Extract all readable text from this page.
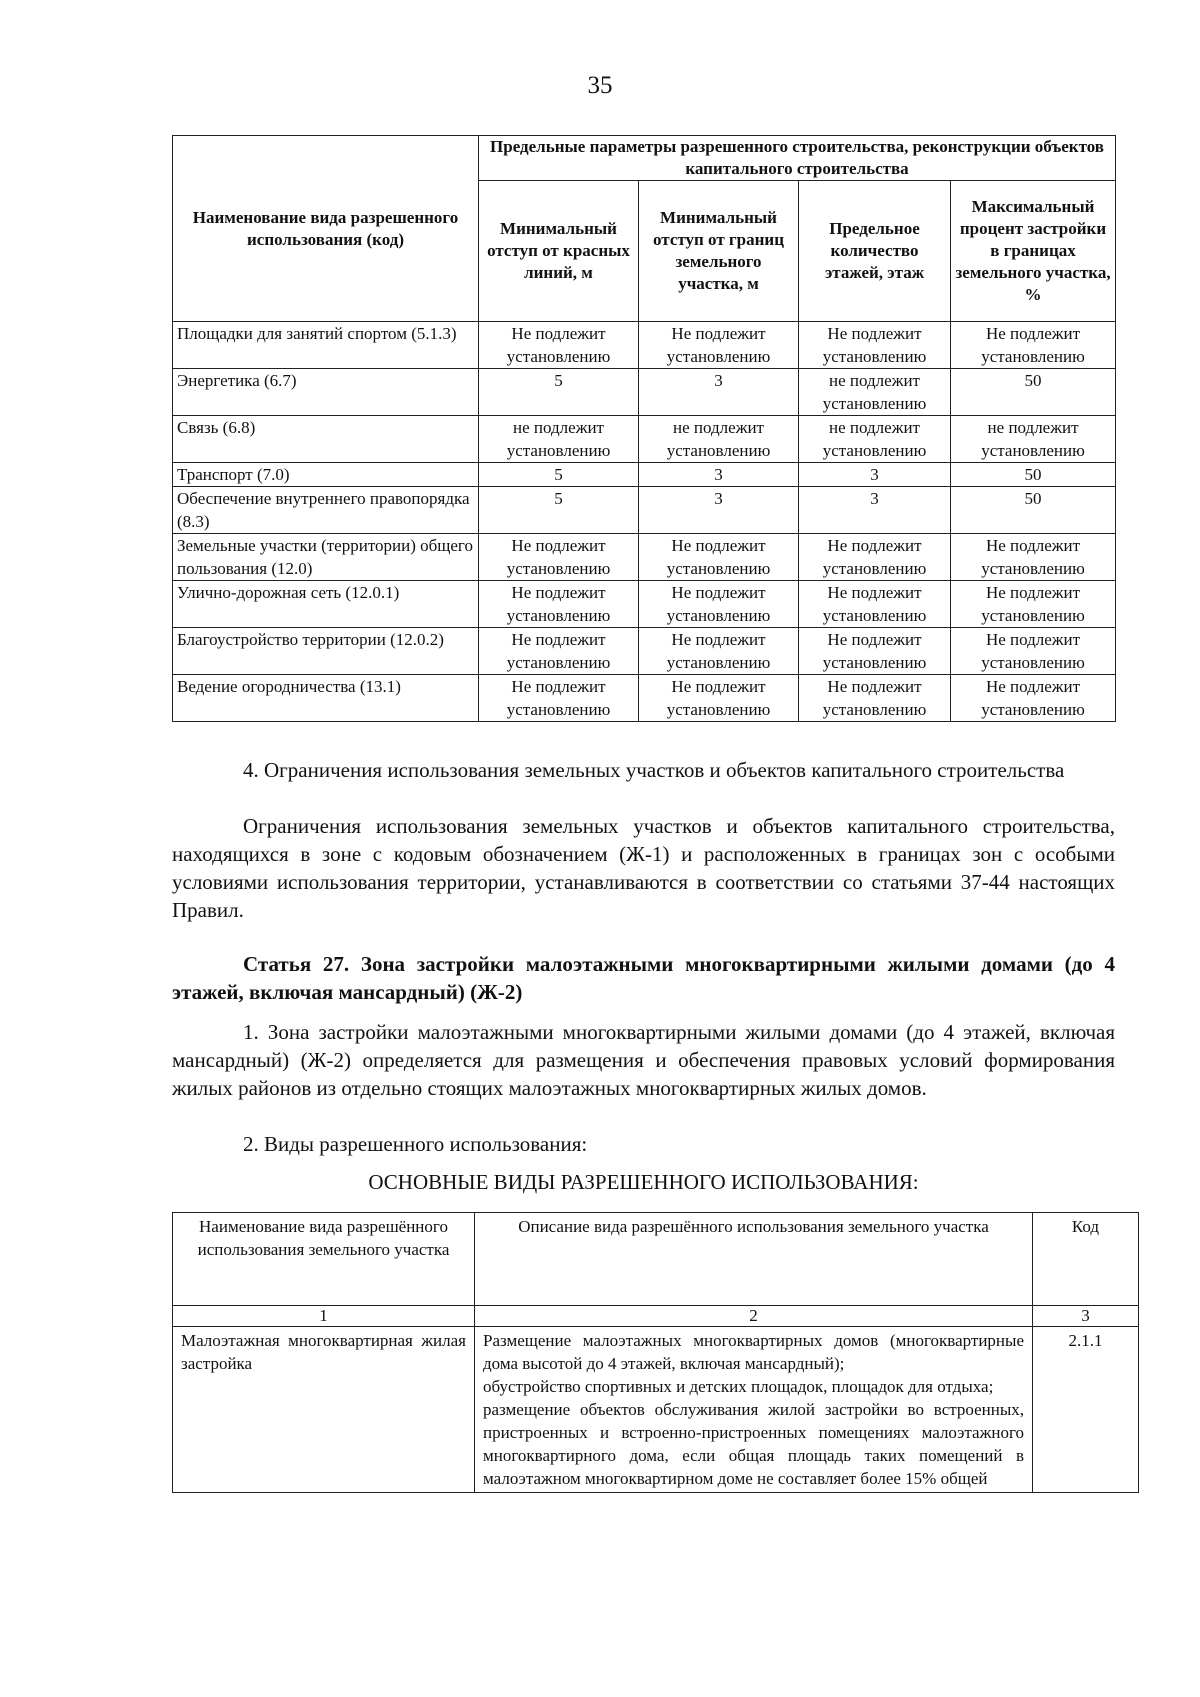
35
Наименование вида разрешенного использования (код)	Предельные параметры разрешенного строительства, реконструкции объектов капитального строительства			
	Минимальный отступ от красных линий, м	Минимальный отступ от границ земельного участка, м	Предельное количество этажей, этаж	Максимальный процент застройки в границах земельного участка, %
Площадки для занятий спортом (5.1.3)	Не подлежит установлению	Не подлежит установлению	Не подлежит установлению	Не подлежит установлению
Энергетика (6.7)	5	3	не подлежит установлению	50
Связь (6.8)	не подлежит установлению	не подлежит установлению	не подлежит установлению	не подлежит установлению
Транспорт (7.0)	5	3	3	50
Обеспечение внутреннего правопорядка (8.3)	5	3	3	50
Земельные участки (территории) общего пользования (12.0)	Не подлежит установлению	Не подлежит установлению	Не подлежит установлению	Не подлежит установлению
Улично-дорожная сеть (12.0.1)	Не подлежит установлению	Не подлежит установлению	Не подлежит установлению	Не подлежит установлению
Благоустройство территории (12.0.2)	Не подлежит установлению	Не подлежит установлению	Не подлежит установлению	Не подлежит установлению
Ведение огородничества (13.1)	Не подлежит установлению	Не подлежит установлению	Не подлежит установлению	Не подлежит установлению

4. Ограничения использования земельных участков и объектов капитального строительства

Ограничения использования земельных участков и объектов капитального строительства, находящихся в зоне с кодовым обозначением (Ж-1) и расположенных в границах зон с особыми условиями использования территории, устанавливаются в соответствии со статьями 37-44 настоящих Правил.

Статья 27. Зона застройки малоэтажными многоквартирными жилыми домами (до 4 этажей, включая мансардный) (Ж-2)

1. Зона застройки малоэтажными многоквартирными жилыми домами (до 4 этажей, включая мансардный) (Ж-2) определяется для размещения и обеспечения правовых условий формирования жилых районов из отдельно стоящих малоэтажных многоквартирных жилых домов.

2. Виды разрешенного использования:

ОСНОВНЫЕ ВИДЫ РАЗРЕШЕННОГО ИСПОЛЬЗОВАНИЯ:
Наименование вида разрешённого использования земельного участка	Описание вида разрешённого использования земельного участка	Код
1	2	3
Малоэтажная многоквартирная жилая застройка	Размещение малоэтажных многоквартирных домов (многоквартирные дома высотой до 4 этажей, включая мансардный);
обустройство спортивных и детских площадок, площадок для отдыха;
размещение объектов обслуживания жилой застройки во встроенных, пристроенных и встроенно-пристроенных помещениях малоэтажного многоквартирного дома, если общая площадь таких помещений в малоэтажном многоквартирном доме не составляет более 15% общей	2.1.1
